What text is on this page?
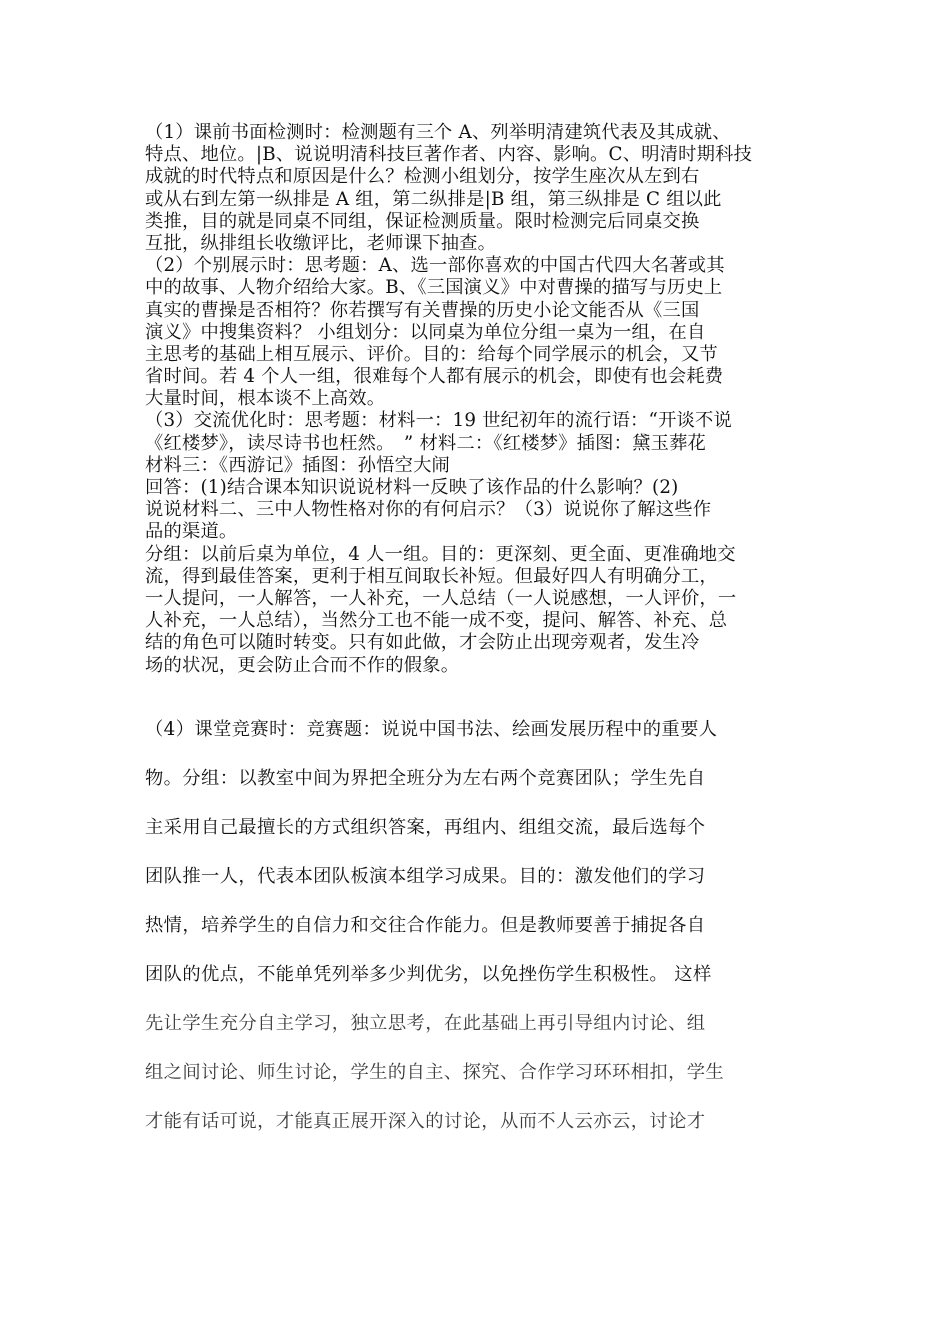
（1）课前书面检测时：检测题有三个 A、列举明清建筑代表及其成就、
特点、地位。|B、说说明清科技巨著作者、内容、影响。C、明清时期科技
成就的时代特点和原因是什么？检测小组划分，按学生座次从左到右
或从右到左第一纵排是 A 组，第二纵排是|B 组，第三纵排是 C 组以此
类推，目的就是同桌不同组，保证检测质量。限时检测完后同桌交换
互批，纵排组长收缴评比，老师课下抽查。
（2）个别展示时：思考题：A、选一部你喜欢的中国古代四大名著或其
中的故事、人物介绍给大家。B、《三国演义》中对曹操的描写与历史上
真实的曹操是否相符？你若撰写有关曹操的历史小论文能否从《三国
演义》中搜集资料？ 小组划分：以同桌为单位分组一桌为一组，在自
主思考的基础上相互展示、评价。目的：给每个同学展示的机会，又节
省时间。若 4 个人一组，很难每个人都有展示的机会，即使有也会耗费
大量时间，根本谈不上高效。
（3）交流优化时：思考题：材料一：19 世纪初年的流行语：“开谈不说
《红楼梦》，读尽诗书也枉然。　” 材料二：《红楼梦》插图：黛玉葬花
材料三：《西游记》插图：孙悟空大闹
回答：(1)结合课本知识说说材料一反映了该作品的什么影响？(2)
说说材料二、三中人物性格对你的有何启示？（3）说说你了解这些作
品的渠道。
分组：以前后桌为单位，4 人一组。目的：更深刻、更全面、更准确地交
流，得到最佳答案，更利于相互间取长补短。但最好四人有明确分工，
一人提问，一人解答，一人补充，一人总结（一人说感想，一人评价，一
人补充，一人总结），当然分工也不能一成不变，提问、解答、补充、总
结的角色可以随时转变。只有如此做，才会防止出现旁观者，发生冷
场的状况，更会防止合而不作的假象。
（4）课堂竞赛时：竞赛题：说说中国书法、绘画发展历程中的重要人
物。分组：以教室中间为界把全班分为左右两个竞赛团队；学生先自
主采用自己最擅长的方式组织答案，再组内、组组交流，最后选每个
团队推一人，代表本团队板演本组学习成果。目的：激发他们的学习
热情，培养学生的自信力和交往合作能力。但是教师要善于捕捉各自
团队的优点，不能单凭列举多少判优劣，以免挫伤学生积极性。 这样
先让学生充分自主学习，独立思考，在此基础上再引导组内讨论、组
组之间讨论、师生讨论，学生的自主、探究、合作学习环环相扣，学生
才能有话可说，才能真正展开深入的讨论，从而不人云亦云，讨论才
